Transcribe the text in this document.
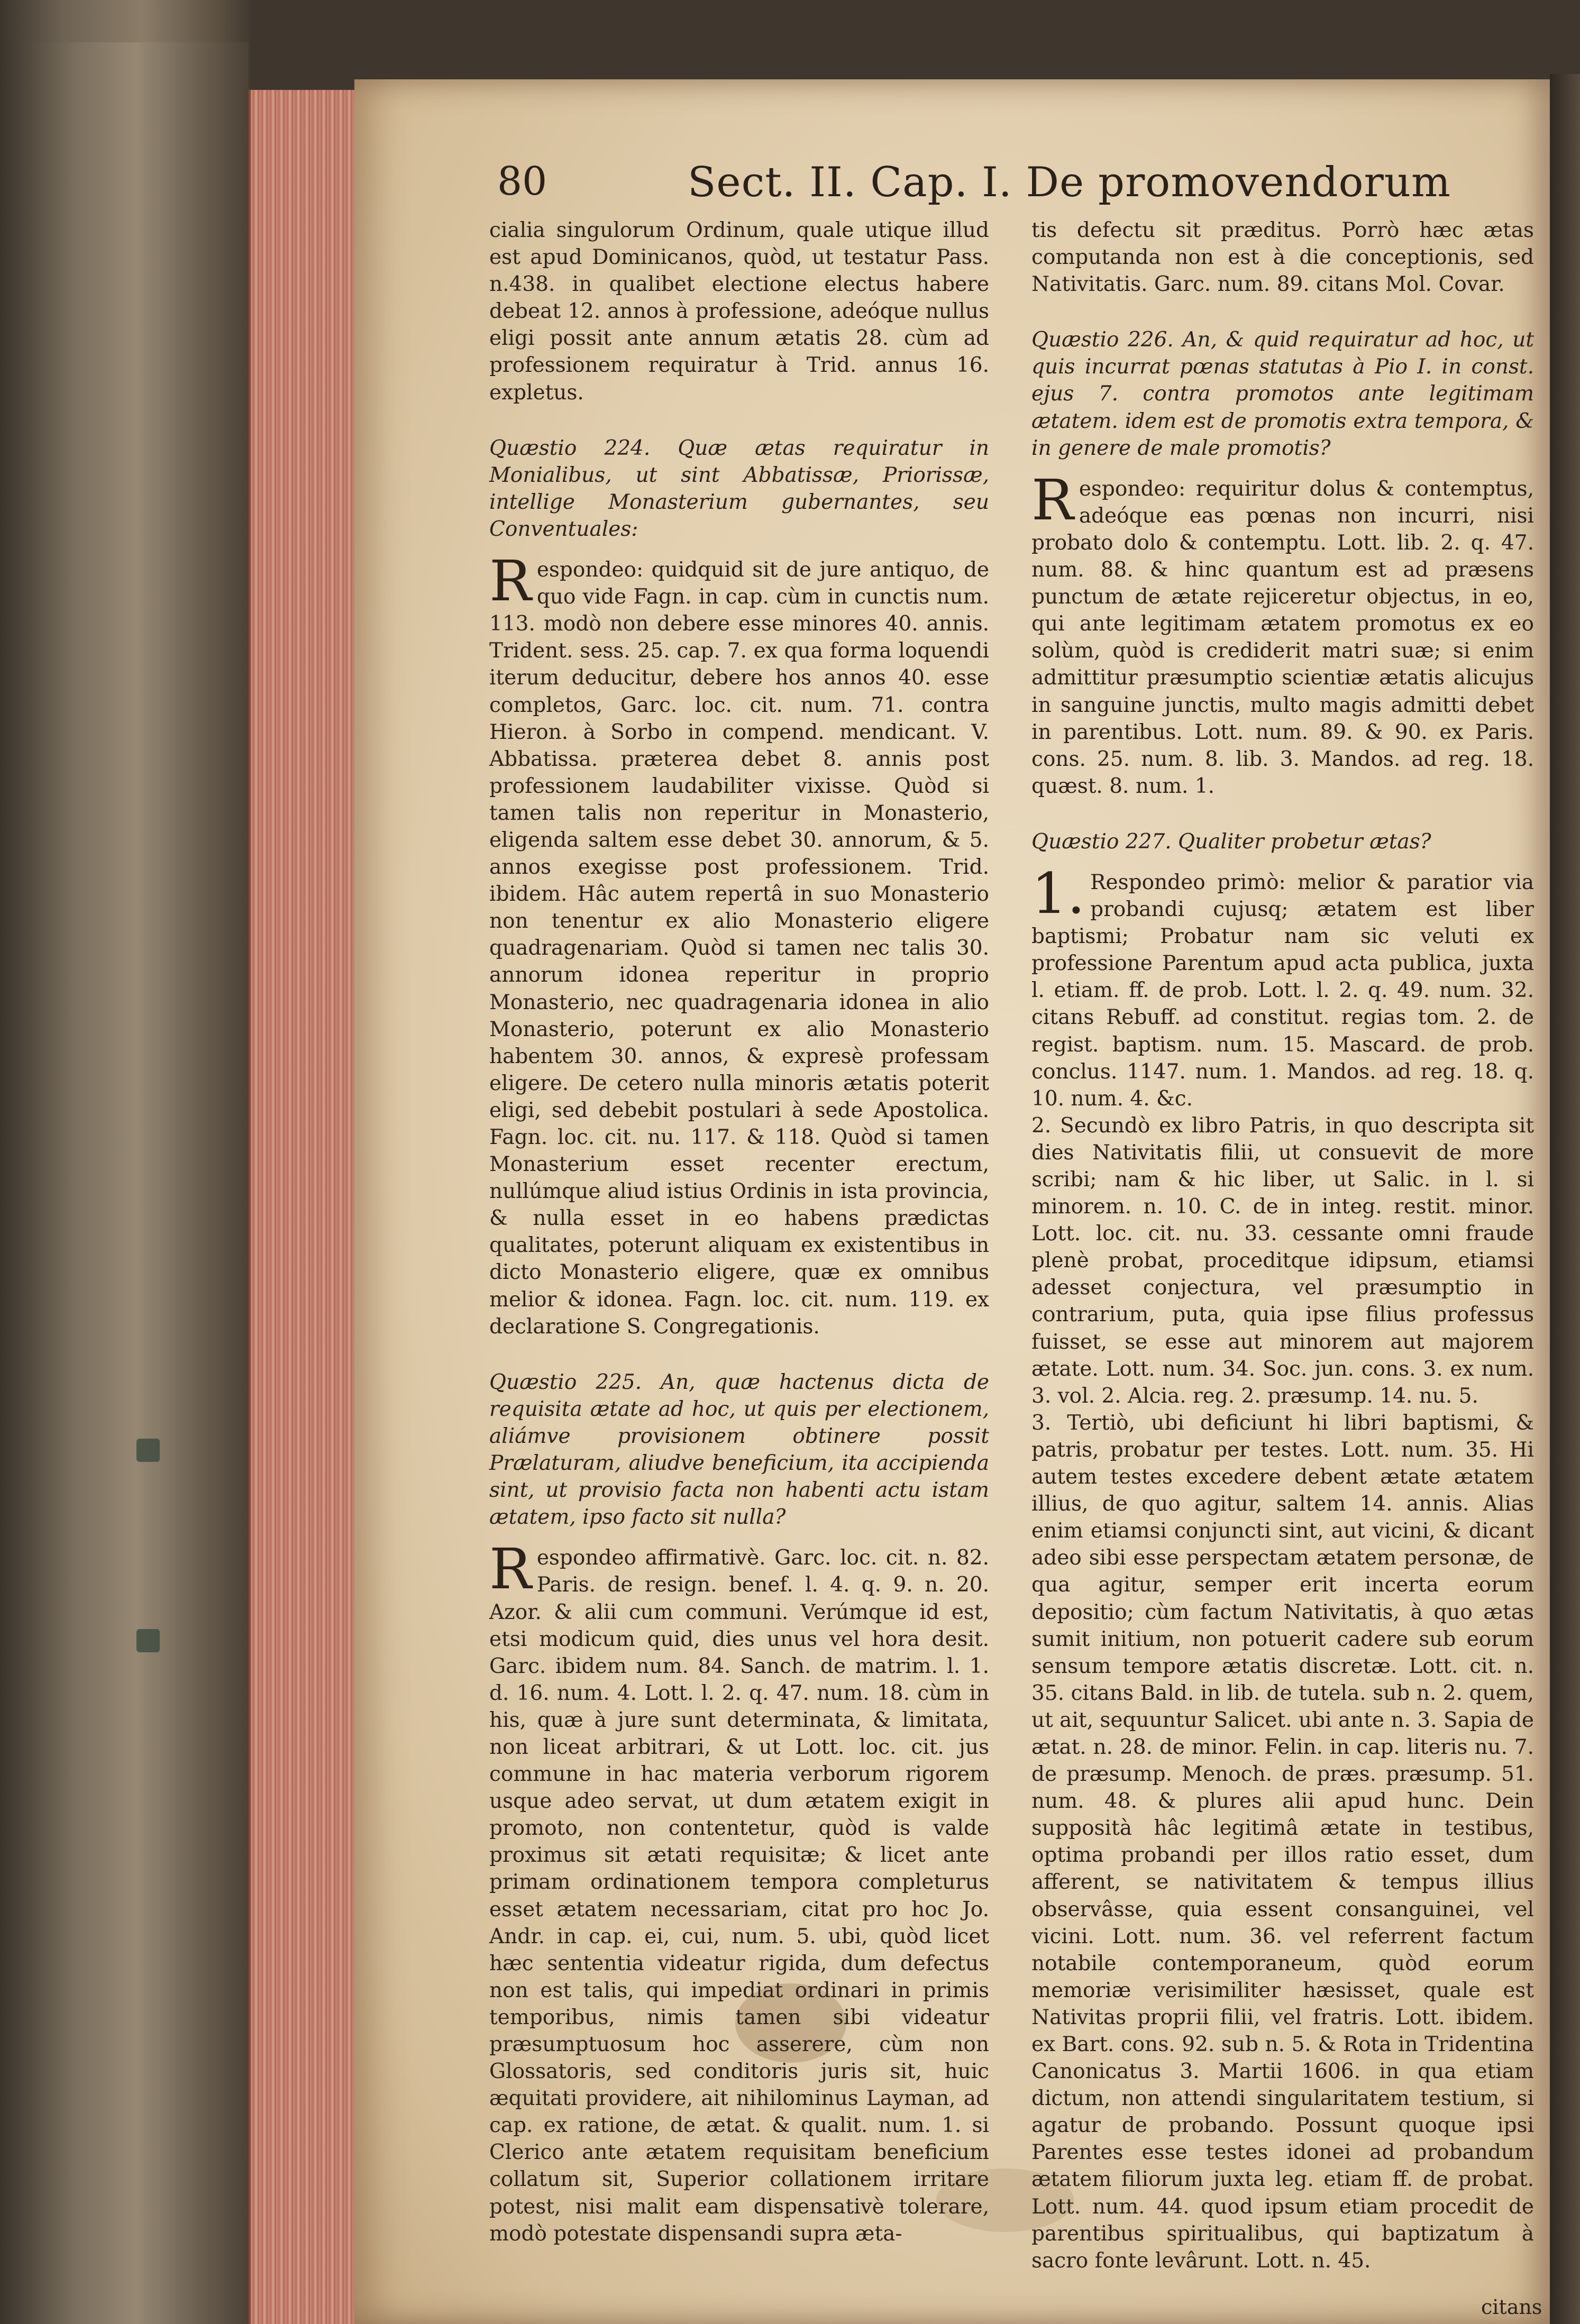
80	Sect. II. Cap. I. De promovendorum

cialia singulorum Ordinum, quale utique illud est apud Dominicanos, quòd, ut testatur Pass. n.438. in qualibet electione electus habere debeat 12. annos à professione, adeóque nullus eligi possit ante annum ætatis 28. cùm ad professionem requiratur à Trid. annus 16. expletus.

Quæstio 224. Quæ ætas requiratur in Monialibus, ut sint Abbatissæ, Priorissæ, intellige Monasterium gubernantes, seu Conventuales:

Respondeo: quidquid sit de jure antiquo, de quo vide Fagn. in cap. cùm in cunctis num. 113. modò non debere esse minores 40. annis. Trident. sess. 25. cap. 7. ex qua forma loquendi iterum deducitur, debere hos annos 40. esse completos, Garc. loc. cit. num. 71. contra Hieron. à Sorbo in compend. mendicant. V. Abbatissa. præterea debet 8. annis post professionem laudabiliter vixisse. Quòd si tamen talis non reperitur in Monasterio, eligenda saltem esse debet 30. annorum, & 5. annos exegisse post professionem. Trid. ibidem. Hâc autem repertâ in suo Monasterio non tenentur ex alio Monasterio eligere quadragenariam. Quòd si tamen nec talis 30. annorum idonea reperitur in proprio Monasterio, nec quadragenaria idonea in alio Monasterio, poterunt ex alio Monasterio habentem 30. annos, & expresè professam eligere. De cetero nulla minoris ætatis poterit eligi, sed debebit postulari à sede Apostolica. Fagn. loc. cit. nu. 117. & 118. Quòd si tamen Monasterium esset recenter erectum, nullúmque aliud istius Ordinis in ista provincia, & nulla esset in eo habens prædictas qualitates, poterunt aliquam ex existentibus in dicto Monasterio eligere, quæ ex omnibus melior & idonea. Fagn. loc. cit. num. 119. ex declaratione S. Congregationis.

Quæstio 225. An, quæ hactenus dicta de requisita ætate ad hoc, ut quis per electionem, aliámve provisionem obtinere possit Prælaturam, aliudve beneficium, ita accipienda sint, ut provisio facta non habenti actu istam ætatem, ipso facto sit nulla?

Respondeo affirmativè. Garc. loc. cit. n. 82. Paris. de resign. benef. l. 4. q. 9. n. 20. Azor. & alii cum communi. Verúmque id est, etsi modicum quid, dies unus vel hora desit. Garc. ibidem num. 84. Sanch. de matrim. l. 1. d. 16. num. 4. Lott. l. 2. q. 47. num. 18. cùm in his, quæ à jure sunt determinata, & limitata, non liceat arbitrari, & ut Lott. loc. cit. jus commune in hac materia verborum rigorem usque adeo servat, ut dum ætatem exigit in promoto, non contentetur, quòd is valde proximus sit ætati requisitæ; & licet ante primam ordinationem tempora completurus esset ætatem necessariam, citat pro hoc Jo. Andr. in cap. ei, cui, num. 5. ubi, quòd licet hæc sententia videatur rigida, dum defectus non est talis, qui impediat ordinari in primis temporibus, nimis tamen sibi videatur præsumptuosum hoc asserere, cùm non Glossatoris, sed conditoris juris sit, huic æquitati providere, ait nihilominus Layman, ad cap. ex ratione, de ætat. & qualit. num. 1. si Clerico ante ætatem requisitam beneficium collatum sit, Superior collationem irritare potest, nisi malit eam dispensativè tolerare, modò potestate dispensandi supra æta-

tis defectu sit præditus. Porrò hæc ætas computanda non est à die conceptionis, sed Nativitatis. Garc. num. 89. citans Mol. Covar.

Quæstio 226. An, & quid requiratur ad hoc, ut quis incurrat pœnas statutas à Pio I. in const. ejus 7. contra promotos ante legitimam ætatem. idem est de promotis extra tempora, & in genere de male promotis?

Respondeo: requiritur dolus & contemptus, adeóque eas pœnas non incurri, nisi probato dolo & contemptu. Lott. lib. 2. q. 47. num. 88. & hinc quantum est ad præsens punctum de ætate rejiceretur objectus, in eo, qui ante legitimam ætatem promotus ex eo solùm, quòd is crediderit matri suæ; si enim admittitur præsumptio scientiæ ætatis alicujus in sanguine junctis, multo magis admitti debet in parentibus. Lott. num. 89. & 90. ex Paris. cons. 25. num. 8. lib. 3. Mandos. ad reg. 18. quæst. 8. num. 1.

Quæstio 227. Qualiter probetur ætas?

1.Respondeo primò: melior & paratior via probandi cujusq; ætatem est liber baptismi; Probatur nam sic veluti ex professione Parentum apud acta publica, juxta l. etiam. ff. de prob. Lott. l. 2. q. 49. num. 32. citans Rebuff. ad constitut. regias tom. 2. de regist. baptism. num. 15. Mascard. de prob. conclus. 1147. num. 1. Mandos. ad reg. 18. q. 10. num. 4. &c.

2. Secundò ex libro Patris, in quo descripta sit dies Nativitatis filii, ut consuevit de more scribi; nam & hic liber, ut Salic. in l. si minorem. n. 10. C. de in integ. restit. minor. Lott. loc. cit. nu. 33. cessante omni fraude plenè probat, proceditque idipsum, etiamsi adesset conjectura, vel præsumptio in contrarium, puta, quia ipse filius professus fuisset, se esse aut minorem aut majorem ætate. Lott. num. 34. Soc. jun. cons. 3. ex num. 3. vol. 2. Alcia. reg. 2. præsump. 14. nu. 5.

3. Tertiò, ubi deficiunt hi libri baptismi, & patris, probatur per testes. Lott. num. 35. Hi autem testes excedere debent ætate ætatem illius, de quo agitur, saltem 14. annis. Alias enim etiamsi conjuncti sint, aut vicini, & dicant adeo sibi esse perspectam ætatem personæ, de qua agitur, semper erit incerta eorum depositio; cùm factum Nativitatis, à quo ætas sumit initium, non potuerit cadere sub eorum sensum tempore ætatis discretæ. Lott. cit. n. 35. citans Bald. in lib. de tutela. sub n. 2. quem, ut ait, sequuntur Salicet. ubi ante n. 3. Sapia de ætat. n. 28. de minor. Felin. in cap. literis nu. 7. de præsump. Menoch. de præs. præsump. 51. num. 48. & plures alii apud hunc. Dein supposità hâc legitimâ ætate in testibus, optima probandi per illos ratio esset, dum afferent, se nativitatem & tempus illius observâsse, quia essent consanguinei, vel vicini. Lott. num. 36. vel referrent factum notabile contemporaneum, quòd eorum memoriæ verisimiliter hæsisset, quale est Nativitas proprii filii, vel fratris. Lott. ibidem. ex Bart. cons. 92. sub n. 5. & Rota in Tridentina Canonicatus 3. Martii 1606. in qua etiam dictum, non attendi singularitatem testium, si agatur de probando. Possunt quoque ipsi Parentes esse testes idonei ad probandum ætatem filiorum juxta leg. etiam ff. de probat. Lott. num. 44. quod ipsum etiam procedit de parentibus spiritualibus, qui baptizatum à sacro fonte levârunt. Lott. n. 45.

citans
